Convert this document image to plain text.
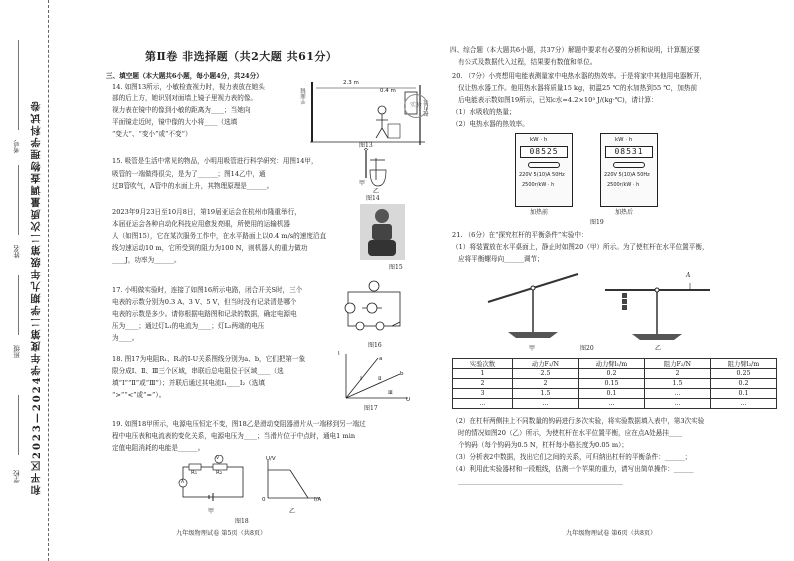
学校
班级
姓名
考号 和平区2023—2024学年度第二学期九年级第二次质量调查物理学科试卷
第Ⅱ卷 非选择题（共2大题 共61分）
三、填空题（本大题共6小题，每小题4分，共24分）
14. 如图13所示，小敏检查视力时，视力表放在她头
部的后上方，她识别对面墙上镜子里视力表的像。
视力表在镜中的像到小敏的距离为____；当她向
平面镜走近时，镜中像的大小将____（选填
“变大”、“变小”或“不变”）
2.3 m
0.4 m
平面镜
视力表
图13
15. 吸管是生活中常见的物品，小明用吸管进行科学研究：用图14甲，
吸管的一端做得很尖，是为了______；图14乙中，通
过B管吹气，A管中的水面上升，其物理原理是______。	甲
乙
图14
2023年9月23日至10月8日，第19届亚运会在杭州市隆重举行，
本届亚运会各种自动化科技应用愈发亮眼，所使用的运输机器
人（如图15），它在某次服务工作中，在水平路面上以0.4 m/s的速度沿直
线匀速运动10 m，它所受到的阻力为100 N，则机器人的重力做功
____J，功率为______。
图15
17. 小明做实验时，连接了如图16所示电路，闭合开关S时，三个
电表的示数分别为0.3 A、3 V、5 V，但当时没有记录清是哪个
电表的示数是多少。请你根据电路图和记录的数据，确定电源电
压为____；通过灯L₁的电流为____；灯L₂两端的电压
为____。
图16
18. 图17为电阻R₁、R₂的I-U关系图线分别为a、b，它们把第一象
限分成Ⅰ、Ⅱ、Ⅲ三个区域，串联后总电阻位于区域____（选
填“Ⅰ”“Ⅱ”或“Ⅲ”）；并联后通过其电流I₁____I₂（选填
“>”“<”或“=”）。
Ⅰ	Ⅱ
Ⅲ
I
U
a
b
图17
19. 如图18甲所示，电源电压恒定不变，图18乙是滑动变阻器滑片从一端移到另一端过
程中电压表和电流表的变化关系，电源电压为____；当滑片位于中点时，通电1 min
定值电阻消耗的电能是______。
R₁	R₂
V
A
U/V
I/A
0
甲	乙
图18
九年级物理试卷 第5页（共8页）
实验
四、综合题（本大题共6小题，共37分）解题中要求有必要的分析和说明，计算题还要
有公式及数据代入过程，结果要有数值和单位。
20. （7分）小亮想用电能表测量家中电热水器的热效率。于是将家中其他用电器断开，
仅让热水器工作。他用热水器将质量15 kg，初温25 ℃的水加热到55 ℃，加热前
后电能表示数如图19所示，已知c水=4.2×10³ J/(kg·℃)，请计算：
（1）水吸收的热量；
（2）电热水器的热效率。
kW · h
08525
220V 5(10)A 50Hz
2500r/kW · h
加热前
kW · h
08531
220V 5(10)A 50Hz
2500r/kW · h
加热后
图19
21. （6分）在“探究杠杆的平衡条件”实验中：
（1）将装置放在水平桌面上，静止时如图20（甲）所示。为了使杠杆在水平位置平衡，
应将平衡螺母向______调节；
A
甲	图20	乙
实验次数	动力F₁/N	动力臂l₁/m	阻力F₂/N	阻力臂l₂/m
1	2.5	0.2	2	0.25
2	2	0.15	1.5	0.2
3	1.5	0.1	...	0.1
...	...	...	...	...
（2）在杠杆两侧挂上不同数量的钩码进行多次实验，将实验数据填入表中，第3次实验
时的情况如图20（乙）所示，为使杠杆在水平位置平衡，应在点A处悬挂____
个钩码（每个钩码为0.5 N，杠杆每小格长度为0.05 m）；
（3）分析表2中数据，找出它们之间的关系，可归纳出杠杆的平衡条件：______；
（4）利用此实验器材和一段粗线，估测一个苹果的重力，请写出简单操作：______
__________________________________________________
九年级物理试卷 第6页（共8页）
